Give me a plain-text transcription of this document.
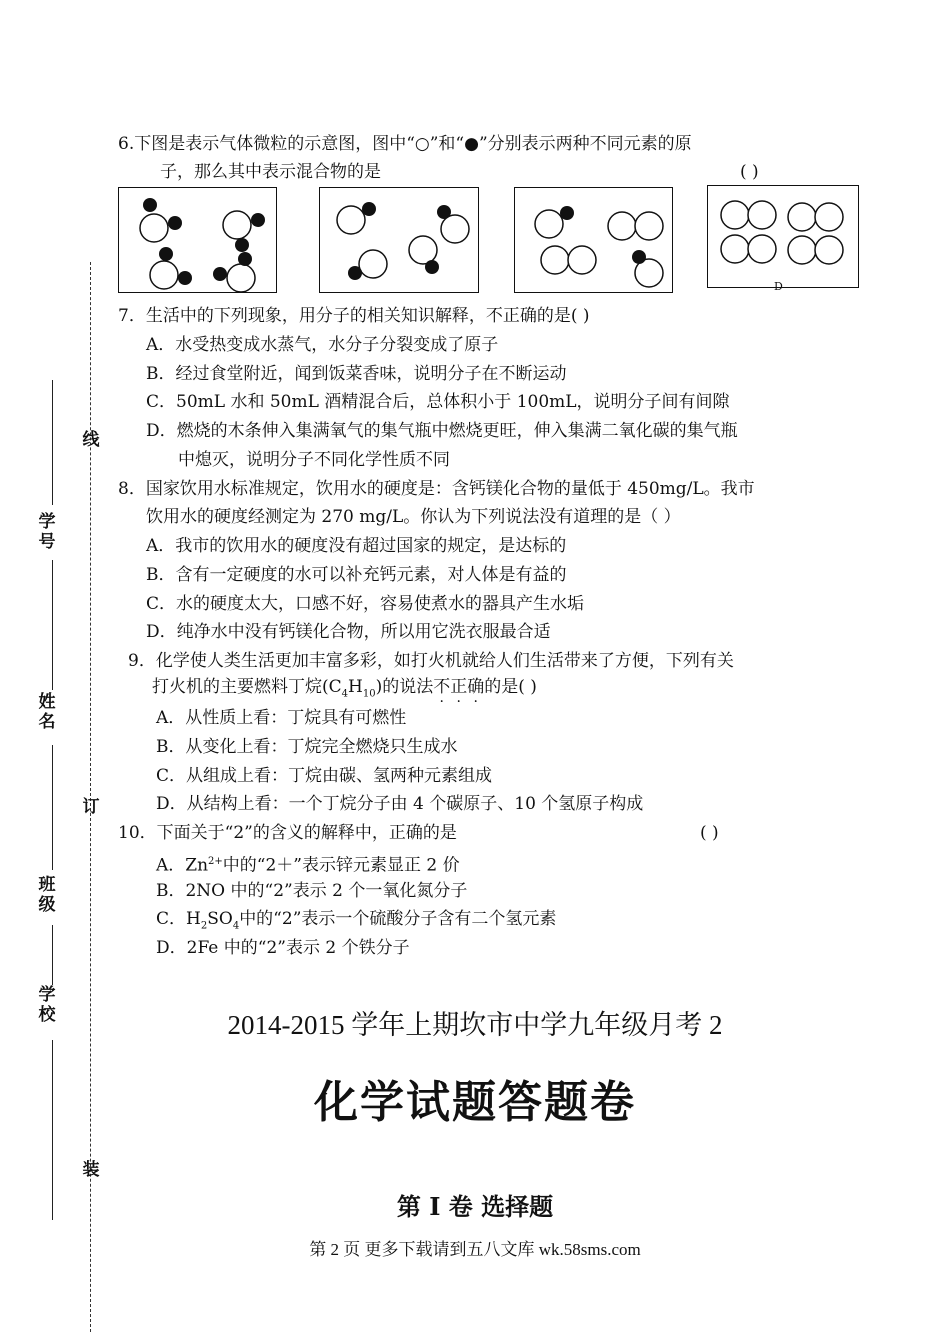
线
学号
姓名
订
班级
学校
装
6.下图是表示气体微粒的示意图，图中“○”和“●”分别表示两种不同元素的原
子，那么其中表示混合物的是	( )
D
7．生活中的下列现象，用分子的相关知识解释，不正确的是( )
A．水受热变成水蒸气，水分子分裂变成了原子
B．经过食堂附近，闻到饭菜香味，说明分子在不断运动
C．50mL 水和 50mL 酒精混合后，总体积小于 100mL，说明分子间有间隙
D．燃烧的木条伸入集满氧气的集气瓶中燃烧更旺，伸入集满二氧化碳的集气瓶
中熄灭，说明分子不同化学性质不同
8．国家饮用水标准规定，饮用水的硬度是：含钙镁化合物的量低于 450mg/L。我市
饮用水的硬度经测定为 270 mg/L。你认为下列说法没有道理的是（ ）
A．我市的饮用水的硬度没有超过国家的规定，是达标的
B．含有一定硬度的水可以补充钙元素，对人体是有益的
C．水的硬度太大，口感不好，容易使煮水的器具产生水垢
D．纯净水中没有钙镁化合物，所以用它洗衣服最合适
9．化学使人类生活更加丰富多彩，如打火机就给人们生活带来了方便，下列有关
打火机的主要燃料丁烷$(C_4H_{10})$的说法不正确的是( )
A．从性质上看：丁烷具有可燃性
B．从变化上看：丁烷完全燃烧只生成水
C．从组成上看：丁烷由碳、氢两种元素组成
D．从结构上看：一个丁烷分子由 4 个碳原子、10 个氢原子构成
10．下面关于“2”的含义的解释中，正确的是	( )
A．$Zn^{2+}$中的“2＋”表示锌元素显正 2 价
B．2NO 中的“2”表示 2 个一氧化氮分子
C．$H_2SO_4$中的“2”表示一个硫酸分子含有二个氢元素
D．2Fe 中的“2”表示 2 个铁分子
2014-2015 学年上期坎市中学九年级月考 2
化学试题答题卷
第 Ⅰ 卷 选择题
第 2 页 更多下载请到五八文库 wk.58sms.com
